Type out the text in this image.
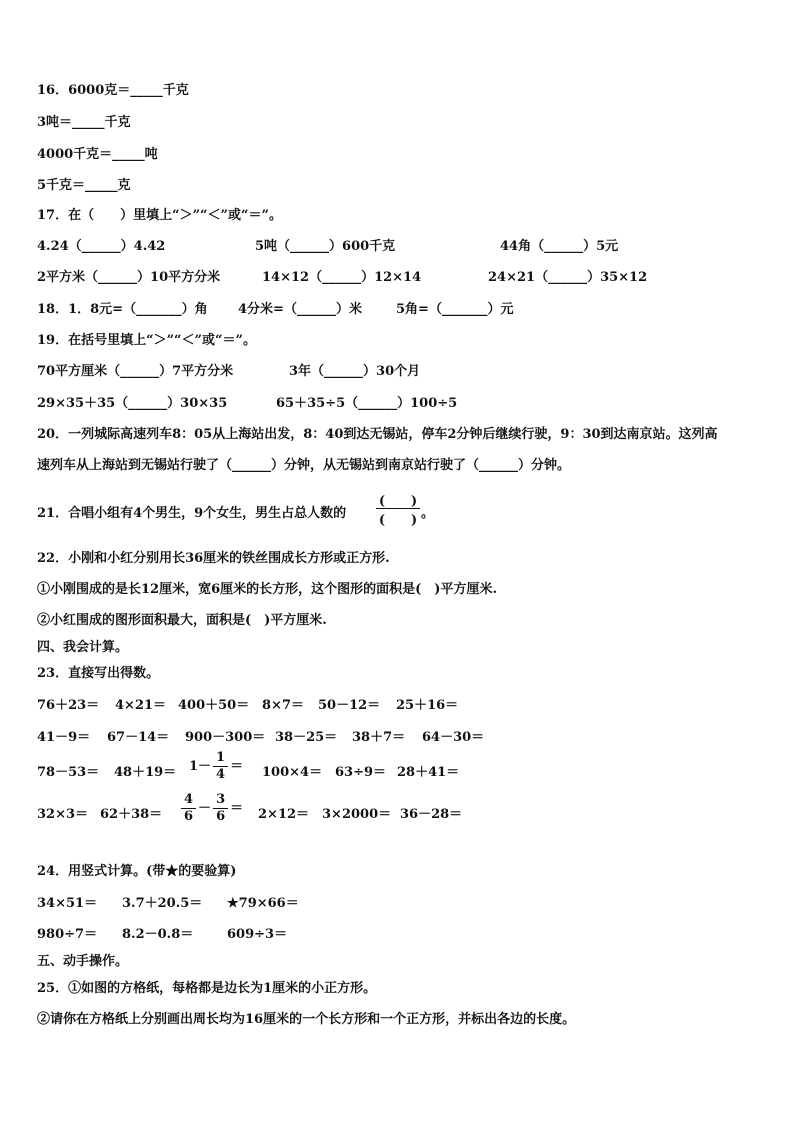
16．6000克＝_____千克
3吨＝_____千克
4000千克＝_____吨
5千克＝_____克
17．在（　　）里填上“＞”“＜”或“＝”。
4.24（______）4.42	5吨（______）600千克	44角（______）5元
2平方米（______）10平方分米	14×12（______）12×14	24×21（______）35×12
18．1．8元=（_______）角 4分米=（______）米	5角=（_______）元
19．在括号里填上“＞”“＜”或“＝”。
70平方厘米（______）7平方分米	3年（______）30个月
29×35＋35（______）30×35	65＋35÷5（______）100÷5
20．一列城际高速列车8：05从上海站出发，8：40到达无锡站，停车2分钟后继续行驶，9：30到达南京站。这列高
速列车从上海站到无锡站行驶了（______）分钟，从无锡站到南京站行驶了（______）分钟。
21．合唱小组有4个男生，9个女生，男生占总人数的
(　　)
(　　) 。
22．小刚和小红分别用长36厘米的铁丝围成长方形或正方形.
①小刚围成的是长12厘米，宽6厘米的长方形，这个图形的面积是(　)平方厘米.
②小红围成的图形面积最大，面积是(　)平方厘米.
四、我会计算。
23．直接写出得数。
76＋23＝ 4×21＝ 400＋50＝ 8×7＝ 50－12＝ 25＋16＝
41－9＝ 67－14＝ 900－300＝ 38－25＝ 38＋7＝ 64－30＝
$78-53= 48+19= 1- \frac{1}{4} = 100\times 4= 63\div 9= 28+41=$
$32\times 3= 62+38= \frac{4}{6} - \frac{3}{6} = 2\times 12= 3\times 2000= 36-28=$
24．用竖式计算。(带★的要验算)
34×51＝ 3.7＋20.5＝ ★79×66＝
980÷7＝ 8.2－0.8＝	609÷3＝
五、动手操作。
25．①如图的方格纸，每格都是边长为1厘米的小正方形。
②请你在方格纸上分别画出周长均为16厘米的一个长方形和一个正方形，并标出各边的长度。
